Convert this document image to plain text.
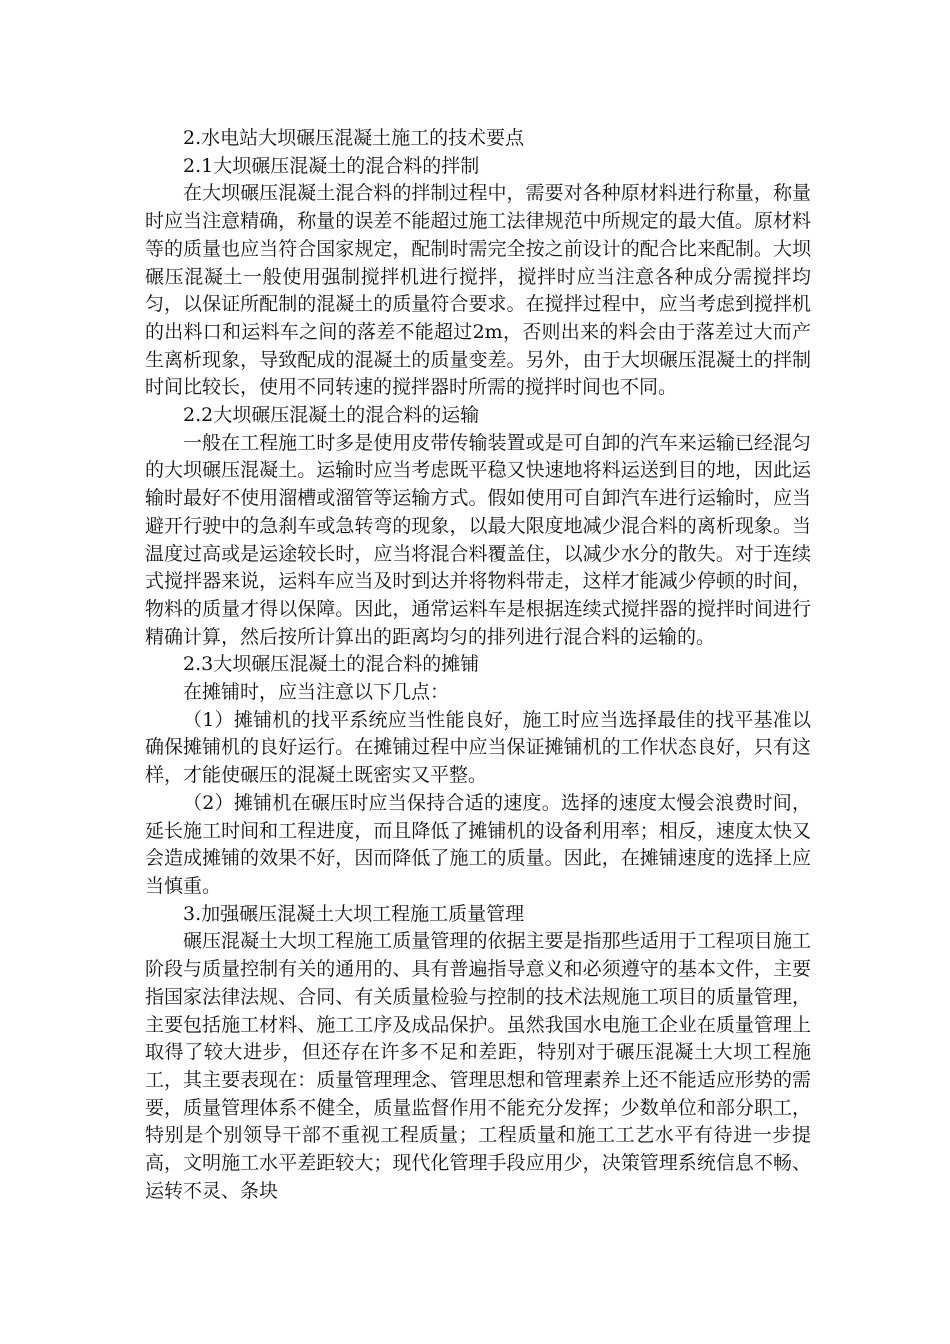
2.水电站大坝碾压混凝土施工的技术要点

2.1大坝碾压混凝土的混合料的拌制

在大坝碾压混凝土混合料的拌制过程中，需要对各种原材料进行称量，称量时应当注意精确，称量的误差不能超过施工法律规范中所规定的最大值。原材料等的质量也应当符合国家规定，配制时需完全按之前设计的配合比来配制。大坝碾压混凝土一般使用强制搅拌机进行搅拌，搅拌时应当注意各种成分需搅拌均匀，以保证所配制的混凝土的质量符合要求。在搅拌过程中，应当考虑到搅拌机的出料口和运料车之间的落差不能超过2m，否则出来的料会由于落差过大而产生离析现象，导致配成的混凝土的质量变差。另外，由于大坝碾压混凝土的拌制时间比较长，使用不同转速的搅拌器时所需的搅拌时间也不同。

2.2大坝碾压混凝土的混合料的运输

一般在工程施工时多是使用皮带传输装置或是可自卸的汽车来运输已经混匀的大坝碾压混凝土。运输时应当考虑既平稳又快速地将料运送到目的地，因此运输时最好不使用溜槽或溜管等运输方式。假如使用可自卸汽车进行运输时，应当避开行驶中的急刹车或急转弯的现象，以最大限度地减少混合料的离析现象。当温度过高或是运途较长时，应当将混合料覆盖住，以减少水分的散失。对于连续式搅拌器来说，运料车应当及时到达并将物料带走，这样才能减少停顿的时间，物料的质量才得以保障。因此，通常运料车是根据连续式搅拌器的搅拌时间进行精确计算，然后按所计算出的距离均匀的排列进行混合料的运输的。

2.3大坝碾压混凝土的混合料的摊铺

在摊铺时，应当注意以下几点：

（1）摊铺机的找平系统应当性能良好，施工时应当选择最佳的找平基准以确保摊铺机的良好运行。在摊铺过程中应当保证摊铺机的工作状态良好，只有这样，才能使碾压的混凝土既密实又平整。

（2）摊铺机在碾压时应当保持合适的速度。选择的速度太慢会浪费时间，延长施工时间和工程进度，而且降低了摊铺机的设备利用率；相反，速度太快又会造成摊铺的效果不好，因而降低了施工的质量。因此，在摊铺速度的选择上应当慎重。

3.加强碾压混凝土大坝工程施工质量管理

碾压混凝土大坝工程施工质量管理的依据主要是指那些适用于工程项目施工阶段与质量控制有关的通用的、具有普遍指导意义和必须遵守的基本文件，主要指国家法律法规、合同、有关质量检验与控制的技术法规施工项目的质量管理，主要包括施工材料、施工工序及成品保护。虽然我国水电施工企业在质量管理上取得了较大进步，但还存在许多不足和差距，特别对于碾压混凝土大坝工程施工，其主要表现在：质量管理理念、管理思想和管理素养上还不能适应形势的需要，质量管理体系不健全，质量监督作用不能充分发挥；少数单位和部分职工，特别是个别领导干部不重视工程质量；工程质量和施工工艺水平有待进一步提高，文明施工水平差距较大；现代化管理手段应用少，决策管理系统信息不畅、运转不灵、条块
